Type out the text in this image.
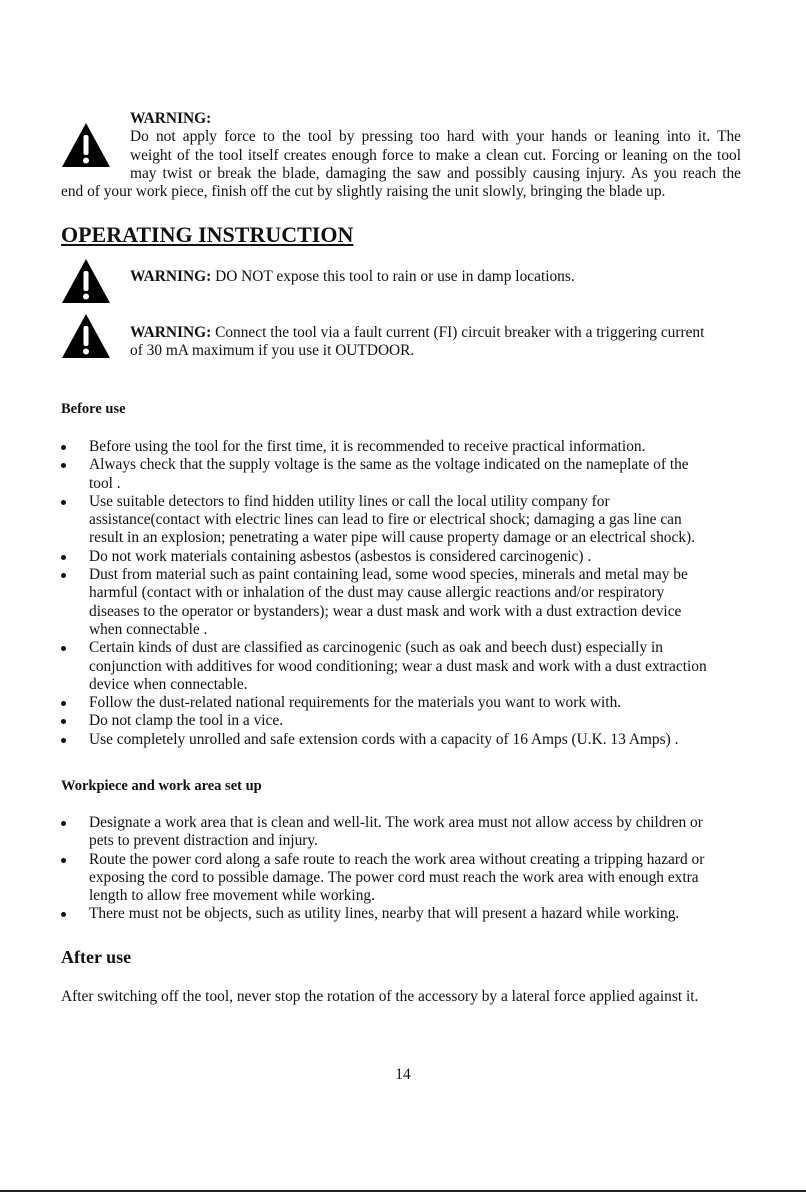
WARNING:
Do not apply force to the tool by pressing too hard with your hands or leaning into it. The
weight of the tool itself creates enough force to make a clean cut. Forcing or leaning on the tool
may twist or break the blade, damaging the saw and possibly causing injury. As you reach the
end of your work piece, finish off the cut by slightly raising the unit slowly, bringing the blade up.
OPERATING INSTRUCTION
WARNING: DO NOT expose this tool to rain or use in damp locations.
WARNING: Connect the tool via a fault current (FI) circuit breaker with a triggering current
of 30 mA maximum if you use it OUTDOOR.
Before use
Before using the tool for the first time, it is recommended to receive practical information.
Always check that the supply voltage is the same as the voltage indicated on the nameplate of the
tool .
Use suitable detectors to find hidden utility lines or call the local utility company for
assistance(contact with electric lines can lead to fire or electrical shock; damaging a gas line can
result in an explosion; penetrating a water pipe will cause property damage or an electrical shock).
Do not work materials containing asbestos (asbestos is considered carcinogenic) .
Dust from material such as paint containing lead, some wood species, minerals and metal may be
harmful (contact with or inhalation of the dust may cause allergic reactions and/or respiratory
diseases to the operator or bystanders); wear a dust mask and work with a dust extraction device
when connectable .
Certain kinds of dust are classified as carcinogenic (such as oak and beech dust) especially in
conjunction with additives for wood conditioning; wear a dust mask and work with a dust extraction
device when connectable.
Follow the dust-related national requirements for the materials you want to work with.
Do not clamp the tool in a vice.
Use completely unrolled and safe extension cords with a capacity of 16 Amps (U.K. 13 Amps) .
Workpiece and work area set up
Designate a work area that is clean and well-lit. The work area must not allow access by children or
pets to prevent distraction and injury.
Route the power cord along a safe route to reach the work area without creating a tripping hazard or
exposing the cord to possible damage. The power cord must reach the work area with enough extra
length to allow free movement while working.
There must not be objects, such as utility lines, nearby that will present a hazard while working.
After use
After switching off the tool, never stop the rotation of the accessory by a lateral force applied against it.
14
